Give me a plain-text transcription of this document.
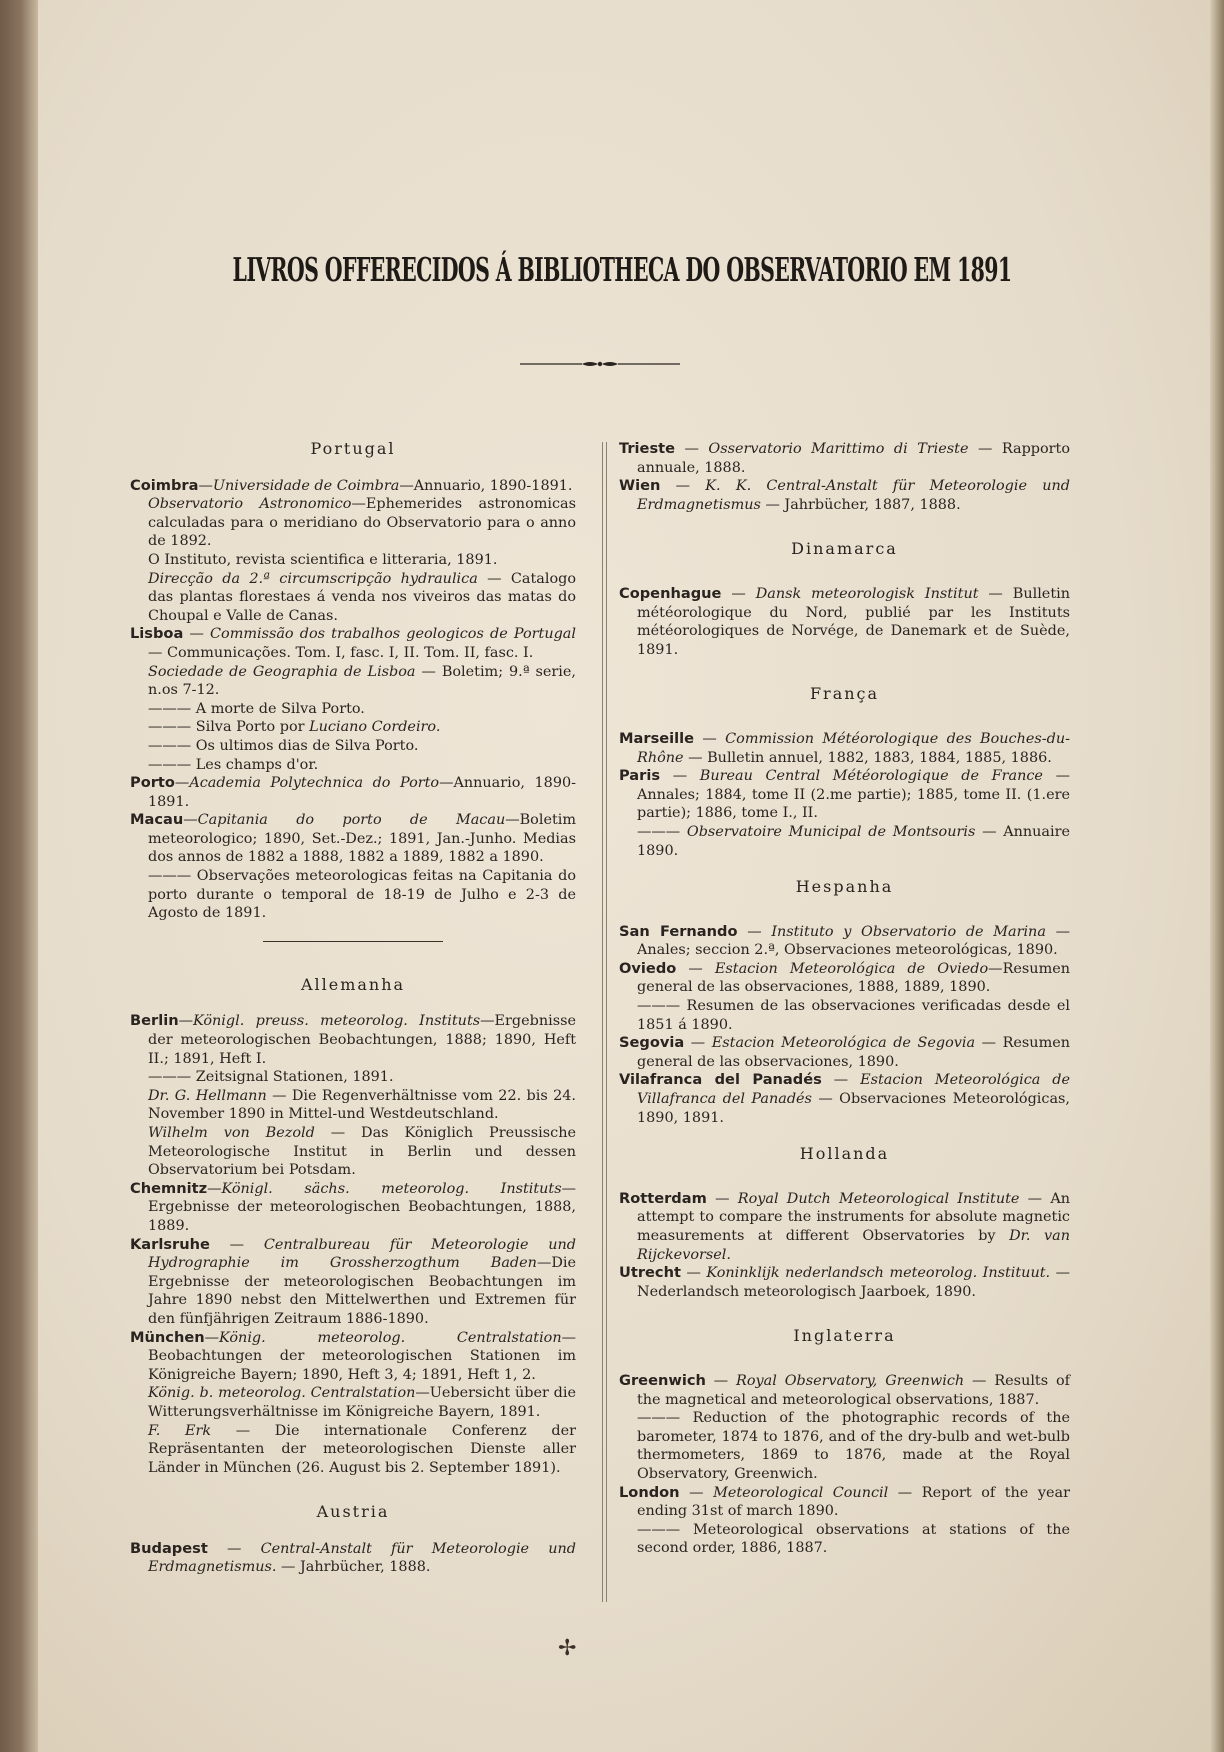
LIVROS OFFERECIDOS Á BIBLIOTHECA DO OBSERVATORIO EM 1891

Portugal

Coimbra—Universidade de Coimbra—Annuario, 1890-1891.

Observatorio Astronomico—Ephemerides astronomicas calculadas para o meridiano do Observatorio para o anno de 1892.

O Instituto, revista scientifica e litteraria, 1891.

Direcção da 2.ª circumscripção hydraulica — Catalogo das plantas florestaes á venda nos viveiros das matas do Choupal e Valle de Canas.

Lisboa — Commissão dos trabalhos geologicos de Portugal — Communicações. Tom. I, fasc. I, II. Tom. II, fasc. I.

Sociedade de Geographia de Lisboa — Boletim; 9.ª serie, n.os 7-12.

——— A morte de Silva Porto.

——— Silva Porto por Luciano Cordeiro.

——— Os ultimos dias de Silva Porto.

——— Les champs d'or.

Porto—Academia Polytechnica do Porto—Annuario, 1890-1891.

Macau—Capitania do porto de Macau—Boletim meteorologico; 1890, Set.-Dez.; 1891, Jan.-Junho. Medias dos annos de 1882 a 1888, 1882 a 1889, 1882 a 1890.

——— Observações meteorologicas feitas na Capitania do porto durante o temporal de 18-19 de Julho e 2-3 de Agosto de 1891.

Allemanha

Berlin—Königl. preuss. meteorolog. Instituts—Ergebnisse der meteorologischen Beobachtungen, 1888; 1890, Heft II.; 1891, Heft I.

——— Zeitsignal Stationen, 1891.

Dr. G. Hellmann — Die Regenverhältnisse vom 22. bis 24. November 1890 in Mittel-und Westdeutschland.

Wilhelm von Bezold — Das Königlich Preussische Meteorologische Institut in Berlin und dessen Observatorium bei Potsdam.

Chemnitz—Königl. sächs. meteorolog. Instituts—Ergebnisse der meteorologischen Beobachtungen, 1888, 1889.

Karlsruhe — Centralbureau für Meteorologie und Hydrographie im Grossherzogthum Baden—Die Ergebnisse der meteorologischen Beobachtungen im Jahre 1890 nebst den Mittelwerthen und Extremen für den fünfjährigen Zeitraum 1886-1890.

München—König. meteorolog. Centralstation—Beobachtungen der meteorologischen Stationen im Königreiche Bayern; 1890, Heft 3, 4; 1891, Heft 1, 2.

König. b. meteorolog. Centralstation—Uebersicht über die Witterungsverhältnisse im Königreiche Bayern, 1891.

F. Erk — Die internationale Conferenz der Repräsentanten der meteorologischen Dienste aller Länder in München (26. August bis 2. September 1891).

Austria

Budapest — Central-Anstalt für Meteorologie und Erdmagnetismus. — Jahrbücher, 1888.

Trieste — Osservatorio Marittimo di Trieste — Rapporto annuale, 1888.

Wien — K. K. Central-Anstalt für Meteorologie und Erdmagnetismus — Jahrbücher, 1887, 1888.

Dinamarca

Copenhague — Dansk meteorologisk Institut — Bulletin météorologique du Nord, publié par les Instituts météorologiques de Norvége, de Danemark et de Suède, 1891.

França

Marseille — Commission Météorologique des Bouches-du-Rhône — Bulletin annuel, 1882, 1883, 1884, 1885, 1886.

Paris — Bureau Central Météorologique de France — Annales; 1884, tome II (2.me partie); 1885, tome II. (1.ere partie); 1886, tome I., II.

——— Observatoire Municipal de Montsouris — Annuaire 1890.

Hespanha

San Fernando — Instituto y Observatorio de Marina — Anales; seccion 2.ª, Observaciones meteorológicas, 1890.

Oviedo — Estacion Meteorológica de Oviedo—Resumen general de las observaciones, 1888, 1889, 1890.

——— Resumen de las observaciones verificadas desde el 1851 á 1890.

Segovia — Estacion Meteorológica de Segovia — Resumen general de las observaciones, 1890.

Vilafranca del Panadés — Estacion Meteorológica de Villafranca del Panadés — Observaciones Meteorológicas, 1890, 1891.

Hollanda

Rotterdam — Royal Dutch Meteorological Institute — An attempt to compare the instruments for absolute magnetic measurements at different Observatories by Dr. van Rijckevorsel.

Utrecht — Koninklijk nederlandsch meteorolog. Instituut. — Nederlandsch meteorologisch Jaarboek, 1890.

Inglaterra

Greenwich — Royal Observatory, Greenwich — Results of the magnetical and meteorological observations, 1887.

——— Reduction of the photographic records of the barometer, 1874 to 1876, and of the dry-bulb and wet-bulb thermometers, 1869 to 1876, made at the Royal Observatory, Greenwich.

London — Meteorological Council — Report of the year ending 31st of march 1890.

——— Meteorological observations at stations of the second order, 1886, 1887.

✢
